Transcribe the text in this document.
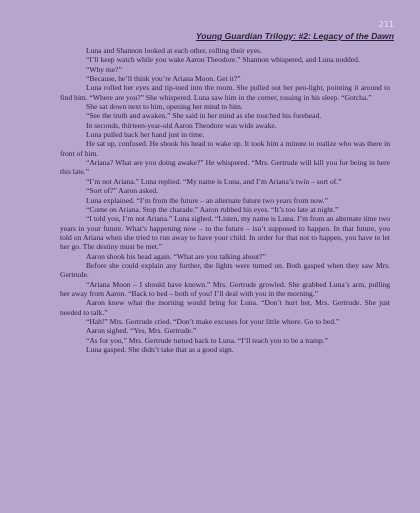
211
Young Guardian Trilogy: #2: Legacy of the Dawn

Luna and Shannon looked at each other, rolling their eyes.

“I’ll keep watch while you wake Aaron Theodore.” Shannon whispered, and Luna nodded.

“Why me?”

“Because, he’ll think you’re Ariana Moon. Get it?”

Luna rolled her eyes and tip-toed into the room. She pulled out her pen-light, pointing it around to find him. “Where are you?” She whispered. Luna saw him in the corner, tossing in his sleep. “Gotcha.”

She sat down next to him, opening her mind to him.

“See the truth and awaken.” She said in her mind as she touched his forehead.

In seconds, thirteen-year-old Aaron Theodore was wide awake.

Luna pulled back her hand just in time.

He sat up, confused. He shook his head to wake up. It took him a minute to realize who was there in front of him.

“Ariana? What are you doing awake?” He whispered. “Mrs. Gertrude will kill you for being in here this late.”

“I’m not Ariana.” Luna replied. “My name is Luna, and I’m Ariana’s twin – sort of.”

“Sort of?” Aaron asked.

Luna explained. “I’m from the future – an alternate future two years from now.”

“Come on Ariana. Stop the charade.” Aaron rubbed his eyes. “It’s too late at night.”

“I told you, I’m not Ariana.” Luna sighed. “Listen, my name is Luna. I’m from an alternate time two years in your future. What’s happening now – to the future – isn’t supposed to happen. In that future, you told on Ariana when she tried to run away to have your child. In order for that not to happen, you have to let her go. The destiny must be met.”

Aaron shook his head again. “What are you talking about?”

Before she could explain any further, the lights were turned on. Both gasped when they saw Mrs. Gertrude.

“Ariana Moon – I should have known.” Mrs. Gertrude growled. She grabbed Luna’s arm, pulling her away from Aaron. “Back to bed – both of you! I’ll deal with you in the morning.”

Aaron knew what the morning would bring for Luna. “Don’t hurt her, Mrs. Gertrude. She just needed to talk.”

“Hah!” Mrs. Gertrude cried. “Don’t make excuses for your little whore. Go to bed.”

Aaron sighed. “Yes, Mrs. Gertrude.”

“As for you,” Mrs. Gertrude turned back to Luna. “I’ll teach you to be a tramp.”

Luna gasped. She didn’t take that as a good sign.
